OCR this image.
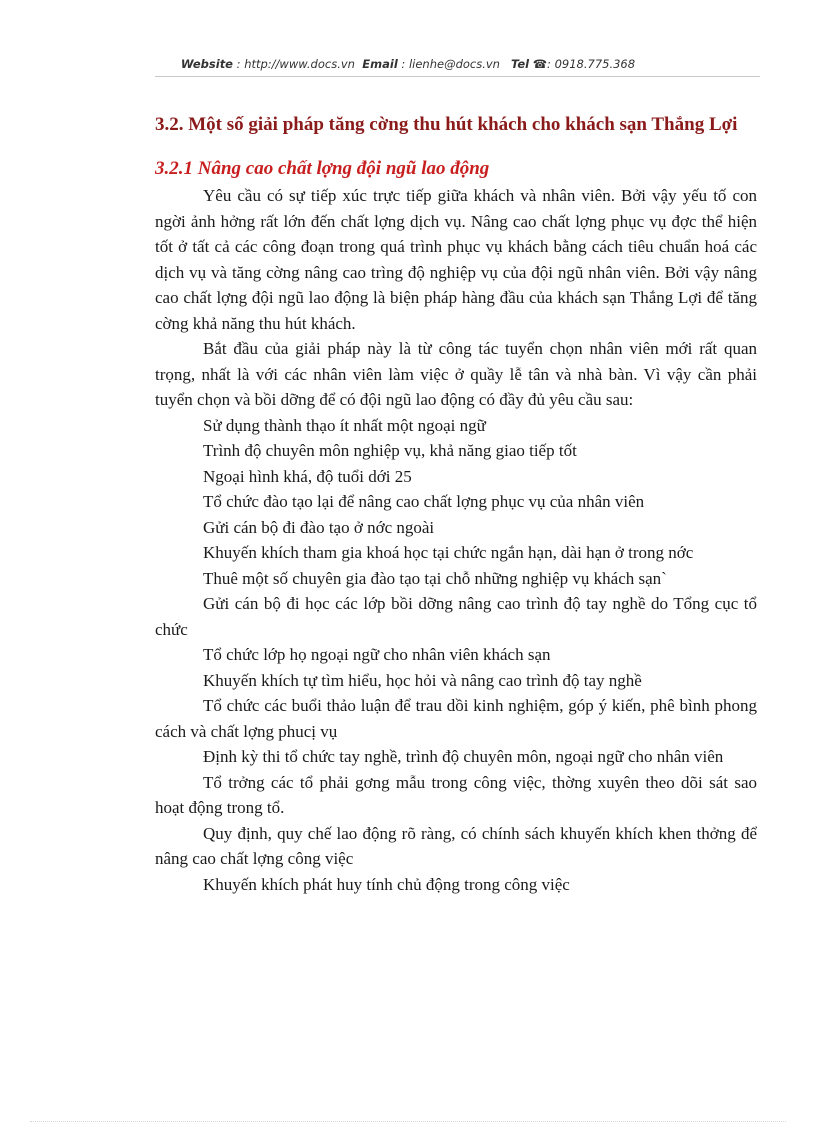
Website : http://www.docs.vn Email : lienhe@docs.vn Tel ☎: 0918.775.368
3.2. Một số giải pháp tăng cờng thu hút khách cho khách sạn Thắng Lợi
3.2.1 Nâng cao chất lợng đội ngũ lao động

Yêu cầu có sự tiếp xúc trực tiếp giữa khách và nhân viên. Bởi vậy yếu tố con ngời ảnh hởng rất lớn đến chất lợng dịch vụ. Nâng cao chất lợng phục vụ đợc thể hiện tốt ở tất cả các công đoạn trong quá trình phục vụ khách bằng cách tiêu chuẩn hoá các dịch vụ và tăng cờng nâng cao trìng độ nghiệp vụ của đội ngũ nhân viên. Bởi vậy nâng cao chất lợng đội ngũ lao động là biện pháp hàng đầu của khách sạn Thắng Lợi để tăng cờng khả năng thu hút khách.

Bắt đầu của giải pháp này là từ công tác tuyển chọn nhân viên mới rất quan trọng, nhất là với các nhân viên làm việc ở quầy lễ tân và nhà bàn. Vì vậy cần phải tuyển chọn và bồi dỡng để có đội ngũ lao động có đầy đủ yêu cầu sau:

Sử dụng thành thạo ít nhất một ngoại ngữ

Trình độ chuyên môn nghiệp vụ, khả năng giao tiếp tốt

Ngoại hình khá, độ tuổi dới 25

Tổ chức đào tạo lại để nâng cao chất lợng phục vụ của nhân viên

Gửi cán bộ đi đào tạo ở nớc ngoài

Khuyến khích tham gia khoá học tại chức ngắn hạn, dài hạn ở trong nớc

Thuê một số chuyên gia đào tạo tại chỗ những nghiệp vụ khách sạn`

Gửi cán bộ đi học các lớp bồi dỡng nâng cao trình độ tay nghề do Tổng cục tổ chức

Tổ chức lớp họ ngoại ngữ cho nhân viên khách sạn

Khuyến khích tự tìm hiểu, học hỏi và nâng cao trình độ tay nghề

Tổ chức các buổi thảo luận để trau dồi kinh nghiệm, góp ý kiến, phê bình phong cách và chất lợng phucị vụ

Định kỳ thi tổ chức tay nghề, trình độ chuyên môn, ngoại ngữ cho nhân viên

Tổ trởng các tổ phải gơng mẫu trong công việc, thờng xuyên theo dõi sát sao hoạt động trong tổ.

Quy định, quy chế lao động rõ ràng, có chính sách khuyến khích khen thởng để nâng cao chất lợng công việc

Khuyến khích phát huy tính chủ động trong công việc
